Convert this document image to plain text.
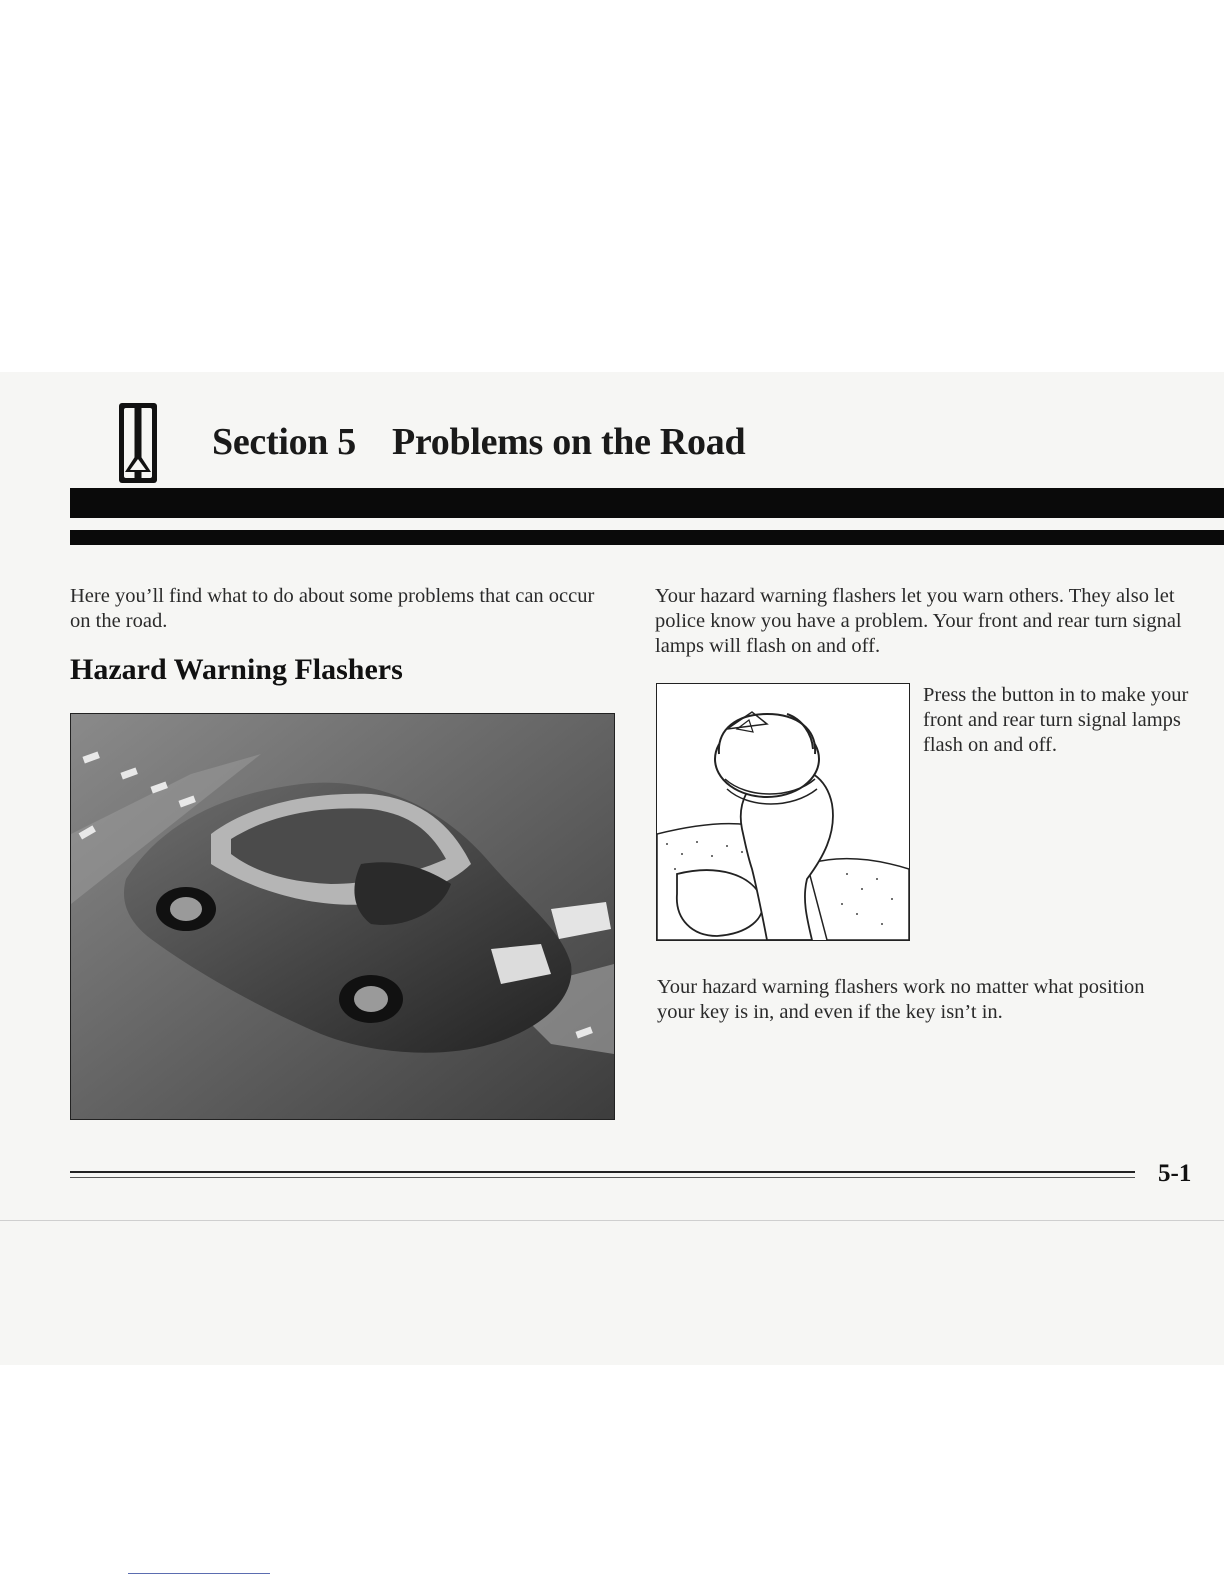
Section 5 Problems on the Road

Here you’ll find what to do about some problems that can occur on the road.

Hazard Warning Flashers

Your hazard warning flashers let you warn others. They also let police know you have a problem. Your front and rear turn signal lamps will flash on and off.

Press the button in to make your front and rear turn signal lamps flash on and off.

Your hazard warning flashers work no matter what position your key is in, and even if the key isn’t in.

5-1
